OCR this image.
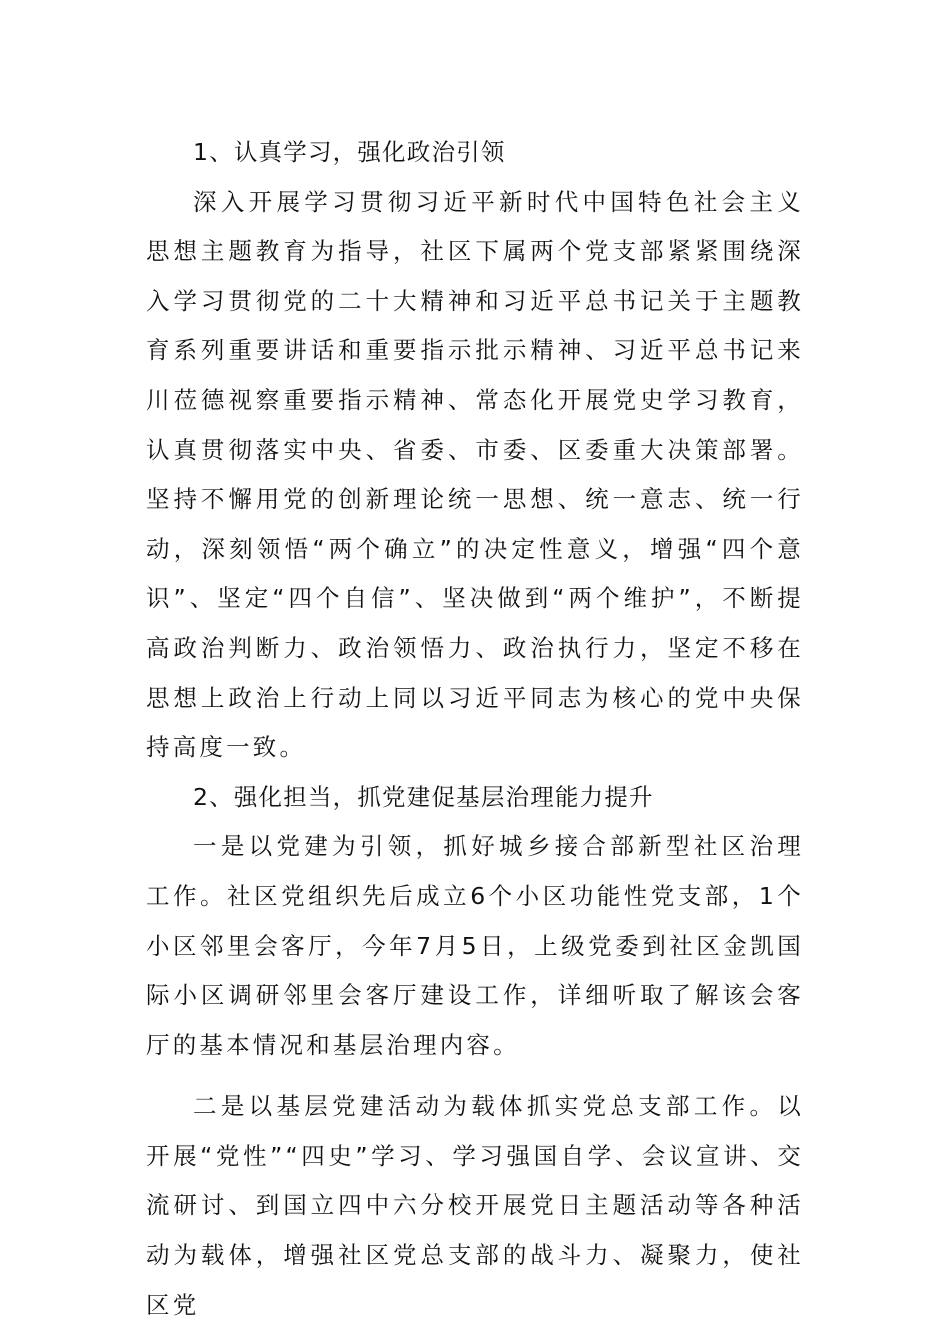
1、认真学习，强化政治引领

深入开展学习贯彻习近平新时代中国特色社会主义思想主题教育为指导，社区下属两个党支部紧紧围绕深入学习贯彻党的二十大精神和习近平总书记关于主题教育系列重要讲话和重要指示批示精神、习近平总书记来川莅德视察重要指示精神、常态化开展党史学习教育，认真贯彻落实中央、省委、市委、区委重大决策部署。坚持不懈用党的创新理论统一思想、统一意志、统一行动，深刻领悟“两个确立”的决定性意义，增强“四个意识”、坚定“四个自信”、坚决做到“两个维护”，不断提高政治判断力、政治领悟力、政治执行力，坚定不移在思想上政治上行动上同以习近平同志为核心的党中央保持高度一致。

2、强化担当，抓党建促基层治理能力提升

一是以党建为引领，抓好城乡接合部新型社区治理工作。社区党组织先后成立6个小区功能性党支部，1个小区邻里会客厅，今年7月5日，上级党委到社区金凯国际小区调研邻里会客厅建设工作，详细听取了解该会客厅的基本情况和基层治理内容。

二是以基层党建活动为载体抓实党总支部工作。以开展“党性”“四史”学习、学习强国自学、会议宣讲、交流研讨、到国立四中六分校开展党日主题活动等各种活动为载体，增强社区党总支部的战斗力、凝聚力，使社区党
